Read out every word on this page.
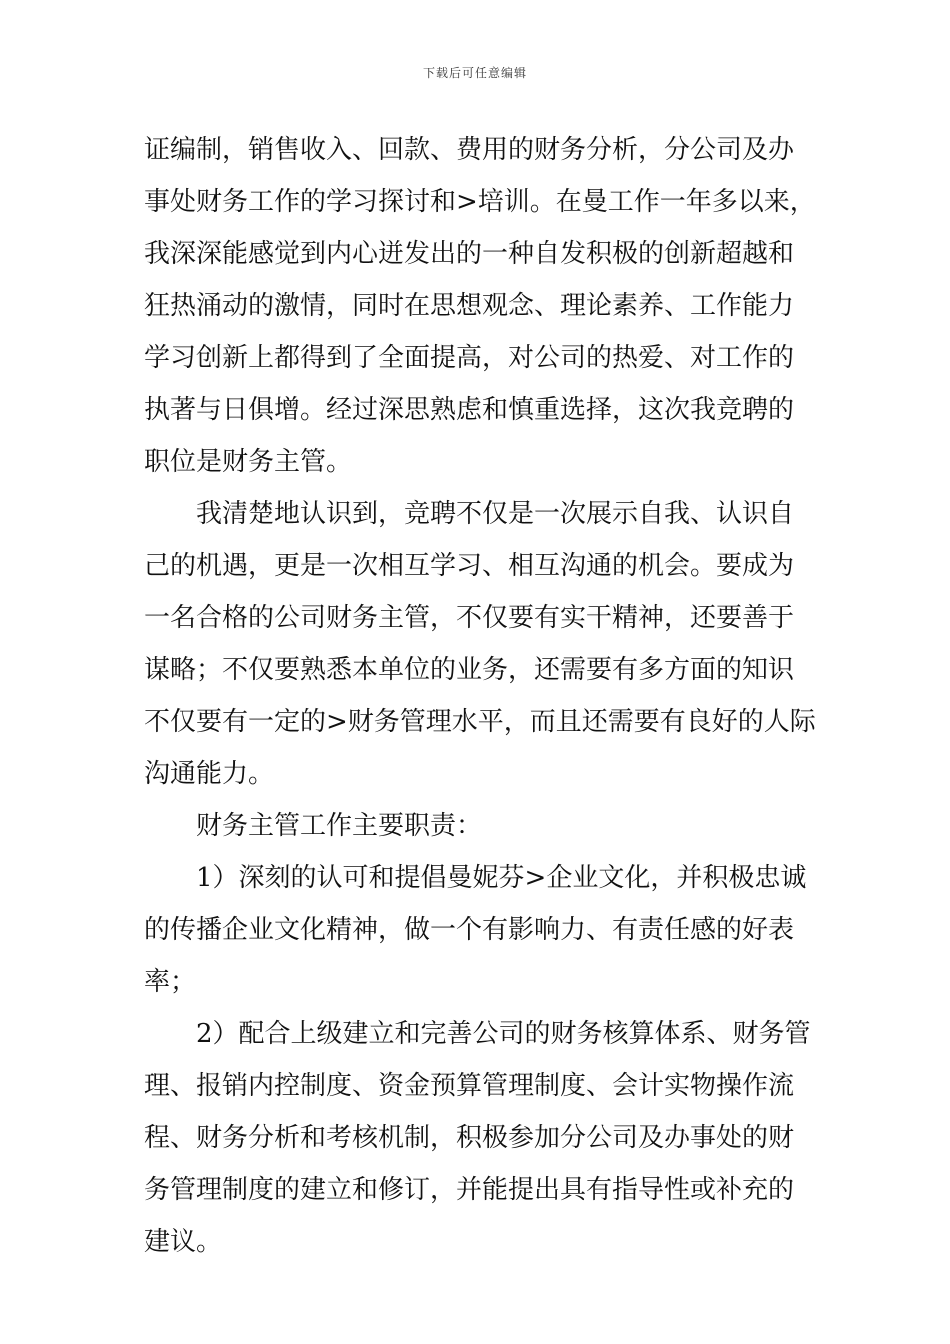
下载后可任意编辑
证编制，销售收入、回款、费用的财务分析，分公司及办
事处财务工作的学习探讨和>培训。在曼工作一年多以来，
我深深能感觉到内心迸发出的一种自发积极的创新超越和
狂热涌动的激情，同时在思想观念、理论素养、工作能力
学习创新上都得到了全面提高，对公司的热爱、对工作的
执著与日俱增。经过深思熟虑和慎重选择，这次我竞聘的
职位是财务主管。
我清楚地认识到，竞聘不仅是一次展示自我、认识自
己的机遇，更是一次相互学习、相互沟通的机会。要成为
一名合格的公司财务主管，不仅要有实干精神，还要善于
谋略；不仅要熟悉本单位的业务，还需要有多方面的知识
不仅要有一定的>财务管理水平，而且还需要有良好的人际
沟通能力。
财务主管工作主要职责：
1）深刻的认可和提倡曼妮芬>企业文化，并积极忠诚
的传播企业文化精神，做一个有影响力、有责任感的好表
率；
2）配合上级建立和完善公司的财务核算体系、财务管
理、报销内控制度、资金预算管理制度、会计实物操作流
程、财务分析和考核机制，积极参加分公司及办事处的财
务管理制度的建立和修订，并能提出具有指导性或补充的
建议。
